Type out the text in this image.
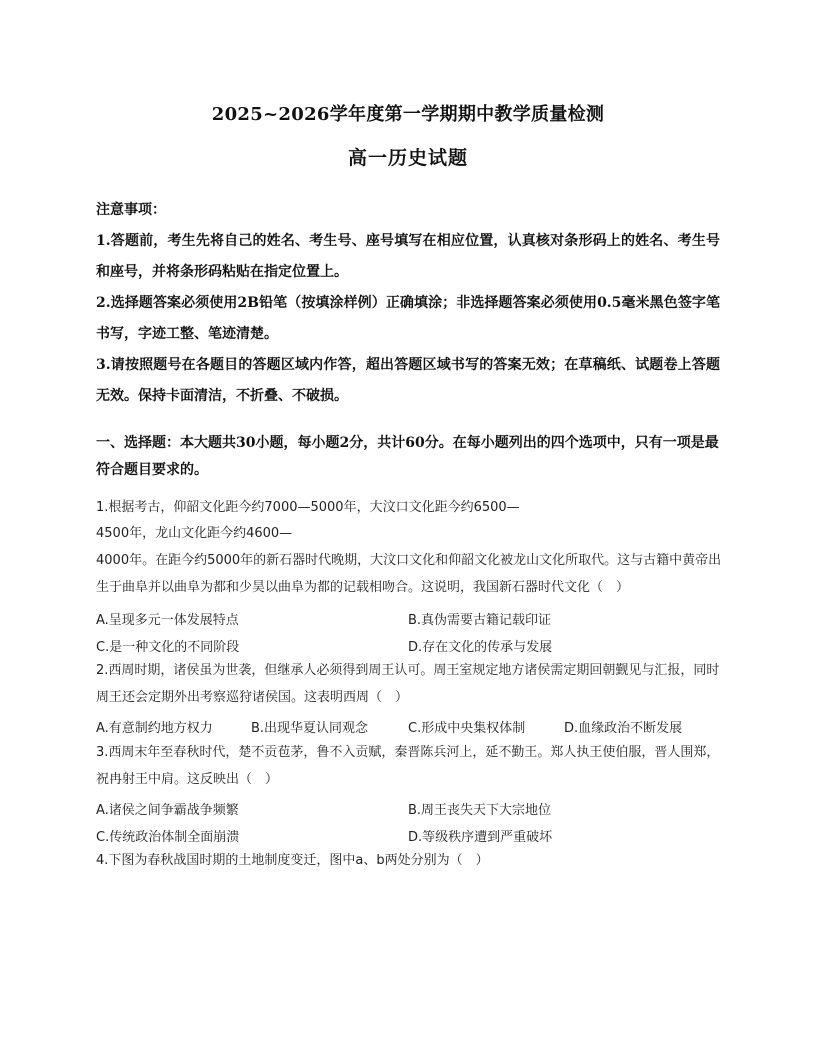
2025~2026学年度第一学期期中教学质量检测
高一历史试题
注意事项：
1.答题前，考生先将自己的姓名、考生号、座号填写在相应位置，认真核对条形码上的姓名、考生号和座号，并将条形码粘贴在指定位置上。
2.选择题答案必须使用2B铅笔（按填涂样例）正确填涂；非选择题答案必须使用0.5毫米黑色签字笔书写，字迹工整、笔迹清楚。
3.请按照题号在各题目的答题区域内作答，超出答题区域书写的答案无效；在草稿纸、试题卷上答题无效。保持卡面清洁，不折叠、不破损。
一、选择题：本大题共30小题，每小题2分，共计60分。在每小题列出的四个选项中，只有一项是最符合题目要求的。
1.根据考古，仰韶文化距今约7000—5000年，大汶口文化距今约6500—
4500年，龙山文化距今约4600—
4000年。在距今约5000年的新石器时代晚期，大汶口文化和仰韶文化被龙山文化所取代。这与古籍中黄帝出生于曲阜并以曲阜为都和少昊以曲阜为都的记载相吻合。这说明，我国新石器时代文化（　）
A.呈现多元一体发展特点	B.真伪需要古籍记载印证
C.是一种文化的不同阶段	D.存在文化的传承与发展
2.西周时期，诸侯虽为世袭，但继承人必须得到周王认可。周王室规定地方诸侯需定期回朝觐见与汇报，同时周王还会定期外出考察巡狩诸侯国。这表明西周（　）
A.有意制约地方权力	B.出现华夏认同观念	C.形成中央集权体制	D.血缘政治不断发展
3.西周末年至春秋时代，楚不贡苞茅，鲁不入贡赋，秦晋陈兵河上，延不勤王。郑人执王使伯服，晋人围郑，祝冉射王中肩。这反映出（　）
A.诸侯之间争霸战争频繁	B.周王丧失天下大宗地位
C.传统政治体制全面崩溃	D.等级秩序遭到严重破坏
4.下图为春秋战国时期的土地制度变迁，图中a、b两处分别为（　）
